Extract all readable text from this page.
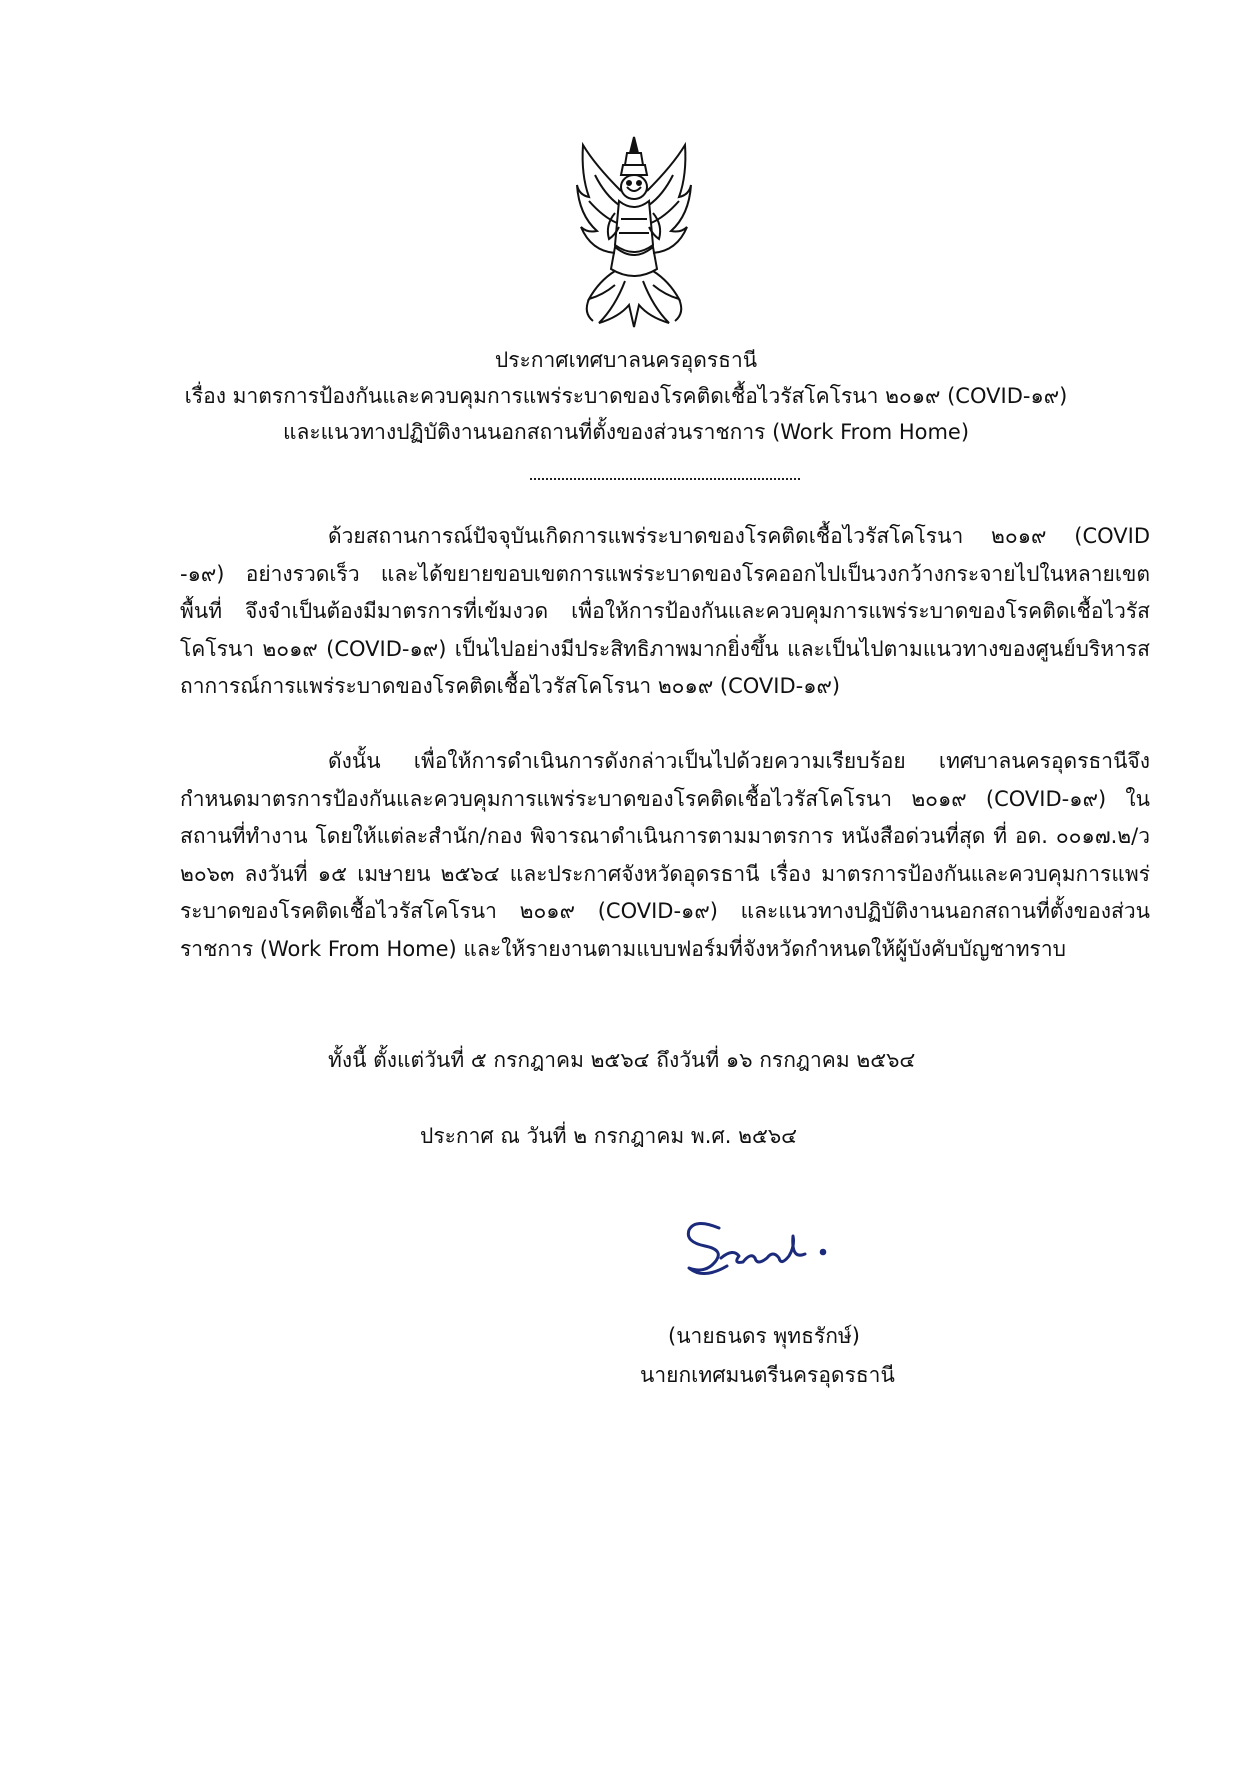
ประกาศเทศบาลนครอุดรธานี
เรื่อง มาตรการป้องกันและควบคุมการแพร่ระบาดของโรคติดเชื้อไวรัสโคโรนา ๒๐๑๙ (COVID-๑๙)
และแนวทางปฏิบัติงานนอกสถานที่ตั้งของส่วนราชการ (Work From Home)
ด้วยสถานการณ์ปัจจุบันเกิดการแพร่ระบาดของโรคติดเชื้อไวรัสโคโรนา ๒๐๑๙ (COVID -๑๙) อย่างรวดเร็ว และได้ขยายขอบเขตการแพร่ระบาดของโรคออกไปเป็นวงกว้างกระจายไปในหลายเขตพื้นที่ จึงจำเป็นต้องมีมาตรการที่เข้มงวด เพื่อให้การป้องกันและควบคุมการแพร่ระบาดของโรคติดเชื้อไวรัสโคโรนา ๒๐๑๙ (COVID-๑๙) เป็นไปอย่างมีประสิทธิภาพมากยิ่งขึ้น และเป็นไปตามแนวทางของศูนย์บริหารสถาการณ์การแพร่ระบาดของโรคติดเชื้อไวรัสโคโรนา ๒๐๑๙ (COVID-๑๙)
ดังนั้น เพื่อให้การดำเนินการดังกล่าวเป็นไปด้วยความเรียบร้อย เทศบาลนครอุดรธานีจึงกำหนดมาตรการป้องกันและควบคุมการแพร่ระบาดของโรคติดเชื้อไวรัสโคโรนา ๒๐๑๙ (COVID-๑๙) ในสถานที่ทำงาน โดยให้แต่ละสำนัก/กอง พิจารณาดำเนินการตามมาตรการ หนังสือด่วนที่สุด ที่ อด. ๐๐๑๗.๒/ว ๒๐๖๓ ลงวันที่ ๑๕ เมษายน ๒๕๖๔ และประกาศจังหวัดอุดรธานี เรื่อง มาตรการป้องกันและควบคุมการแพร่ระบาดของโรคติดเชื้อไวรัสโคโรนา ๒๐๑๙ (COVID-๑๙) และแนวทางปฏิบัติงานนอกสถานที่ตั้งของส่วนราชการ (Work From Home) และให้รายงานตามแบบฟอร์มที่จังหวัดกำหนดให้ผู้บังคับบัญชาทราบ
ทั้งนี้ ตั้งแต่วันที่ ๕ กรกฎาคม ๒๕๖๔ ถึงวันที่ ๑๖ กรกฎาคม ๒๕๖๔
ประกาศ ณ วันที่ ๒ กรกฎาคม พ.ศ. ๒๕๖๔
(นายธนดร พุทธรักษ์)
นายกเทศมนตรีนครอุดรธานี
